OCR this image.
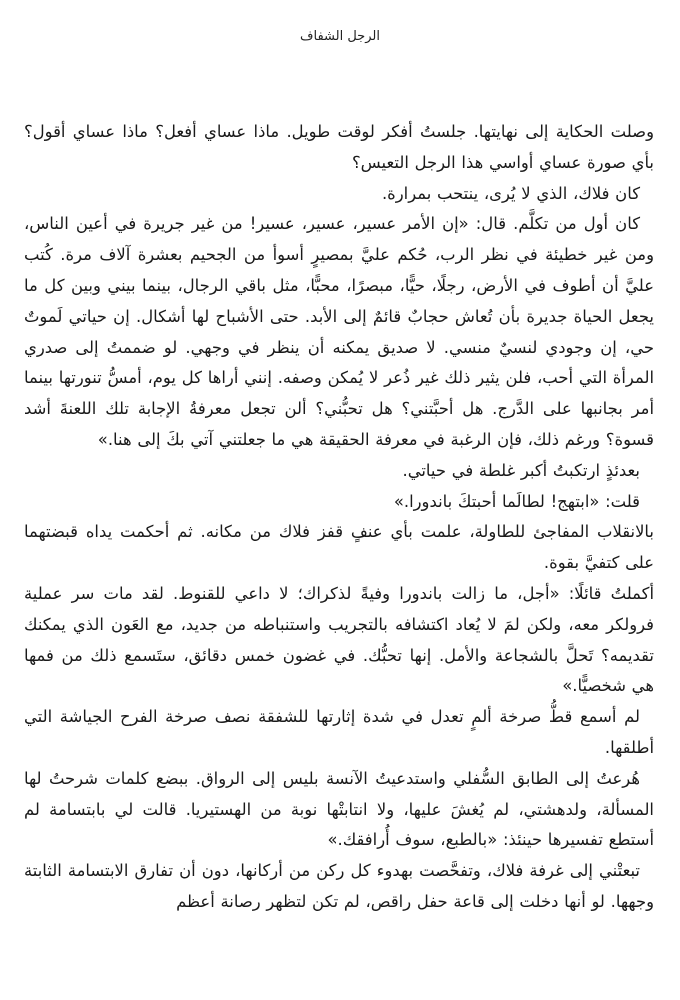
الرجل الشفاف

وصلت الحكاية إلى نهايتها. جلستُ أفكر لوقت طويل. ماذا عساي أفعل؟ ماذا عساي أقول؟ بأي صورة عساي أواسي هذا الرجل التعيس؟

كان فلاك، الذي لا يُرى، ينتحب بمرارة.

كان أول من تكلَّم. قال: «إن الأمر عسير، عسير، عسير! من غير جريرة في أعين الناس، ومن غير خطيئة في نظر الرب، حُكم عليَّ بمصيرٍ أسوأ من الجحيم بعشرة آلاف مرة. كُتب عليَّ أن أطوف في الأرض، رجلًا، حيًّا، مبصرًا، محبًّا، مثل باقي الرجال، بينما بيني وبين كل ما يجعل الحياة جديرة بأن تُعاش حجابٌ قائمٌ إلى الأبد. حتى الأشباح لها أشكال. إن حياتي لَموتٌ حي، إن وجودي لنسيٌ منسي. لا صديق يمكنه أن ينظر في وجهي. لو ضممتُ إلى صدري المرأة التي أحب، فلن يثير ذلك غير ذُعر لا يُمكن وصفه. إنني أراها كل يوم، أمسُّ تنورتها بينما أمر بجانبها على الدَّرج. هل أحبَّتني؟ هل تحبُّني؟ ألن تجعل معرفةُ الإجابة تلك اللعنةَ أشد قسوة؟ ورغم ذلك، فإن الرغبة في معرفة الحقيقة هي ما جعلتني آتي بكَ إلى هنا.»

بعدئذٍ ارتكبتُ أكبر غلطة في حياتي.

قلت: «ابتهج! لطالَما أحبتكَ باندورا.»

بالانقلاب المفاجئ للطاولة، علمت بأي عنفٍ قفز فلاك من مكانه. ثم أحكمت يداه قبضتهما على كتفيَّ بقوة.

أكملتُ قائلًا: «أجل، ما زالت باندورا وفيةً لذكراك؛ لا داعي للقنوط. لقد مات سر عملية فرولكر معه، ولكن لمَ لا يُعاد اكتشافه بالتجريب واستنباطه من جديد، مع العَون الذي يمكنك تقديمه؟ تَحلَّ بالشجاعة والأمل. إنها تحبُّك. في غضون خمس دقائق، ستَسمع ذلك من فمها هي شخصيًّا.»

لم أسمع قطُّ صرخة ألمٍ تعدل في شدة إثارتها للشفقة نصف صرخة الفرح الجياشة التي أطلقها.

هُرعتُ إلى الطابق السُّفلي واستدعيتُ الآنسة بليس إلى الرواق. ببضع كلمات شرحتُ لها المسألة، ولدهشتي، لم يُغشَ عليها، ولا انتابتْها نوبة من الهستيريا. قالت لي بابتسامة لم أستطع تفسيرها حينئذ: «بالطبع، سوف أُرافقك.»

تبعتْني إلى غرفة فلاك، وتفحَّصت بهدوء كل ركن من أركانها، دون أن تفارق الابتسامة الثابتة وجهها. لو أنها دخلت إلى قاعة حفل راقص، لم تكن لتظهر رصانة أعظم
